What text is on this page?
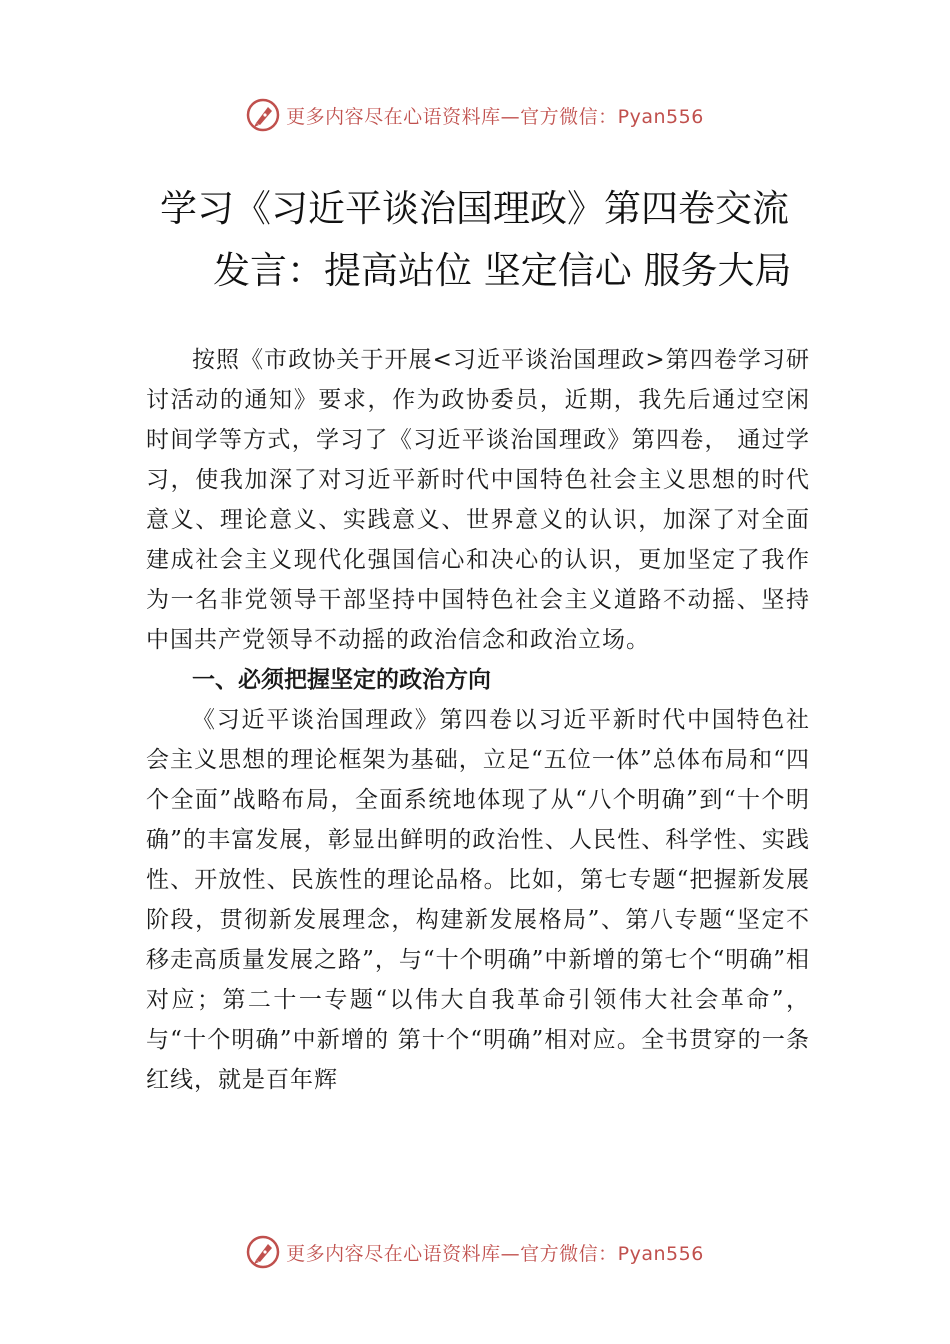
更多内容尽在心语资料库—官方微信：Pyan556
学习《习近平谈治国理政》第四卷交流
发言：提高站位 坚定信心 服务大局

按照《市政协关于开展<习近平谈治国理政>第四卷学习研讨活动的通知》要求，作为政协委员，近期，我先后通过空闲时间学等方式，学习了《习近平谈治国理政》第四卷， 通过学习，使我加深了对习近平新时代中国特色社会主义思想的时代意义、理论意义、实践意义、世界意义的认识，加深了对全面建成社会主义现代化强国信心和决心的认识，更加坚定了我作为一名非党领导干部坚持中国特色社会主义道路不动摇、坚持中国共产党领导不动摇的政治信念和政治立场。

一、必须把握坚定的政治方向

《习近平谈治国理政》第四卷以习近平新时代中国特色社会主义思想的理论框架为基础，立足“五位一体”总体布局和“四个全面”战略布局，全面系统地体现了从“八个明确”到“十个明确”的丰富发展，彰显出鲜明的政治性、人民性、科学性、实践性、开放性、民族性的理论品格。比如，第七专题“把握新发展阶段，贯彻新发展理念，构建新发展格局”、第八专题“坚定不移走高质量发展之路”，与“十个明确”中新增的第七个“明确”相对应；第二十一专题“以伟大自我革命引领伟大社会革命”，与“十个明确”中新增的 第十个“明确”相对应。全书贯穿的一条红线，就是百年辉

更多内容尽在心语资料库—官方微信：Pyan556
